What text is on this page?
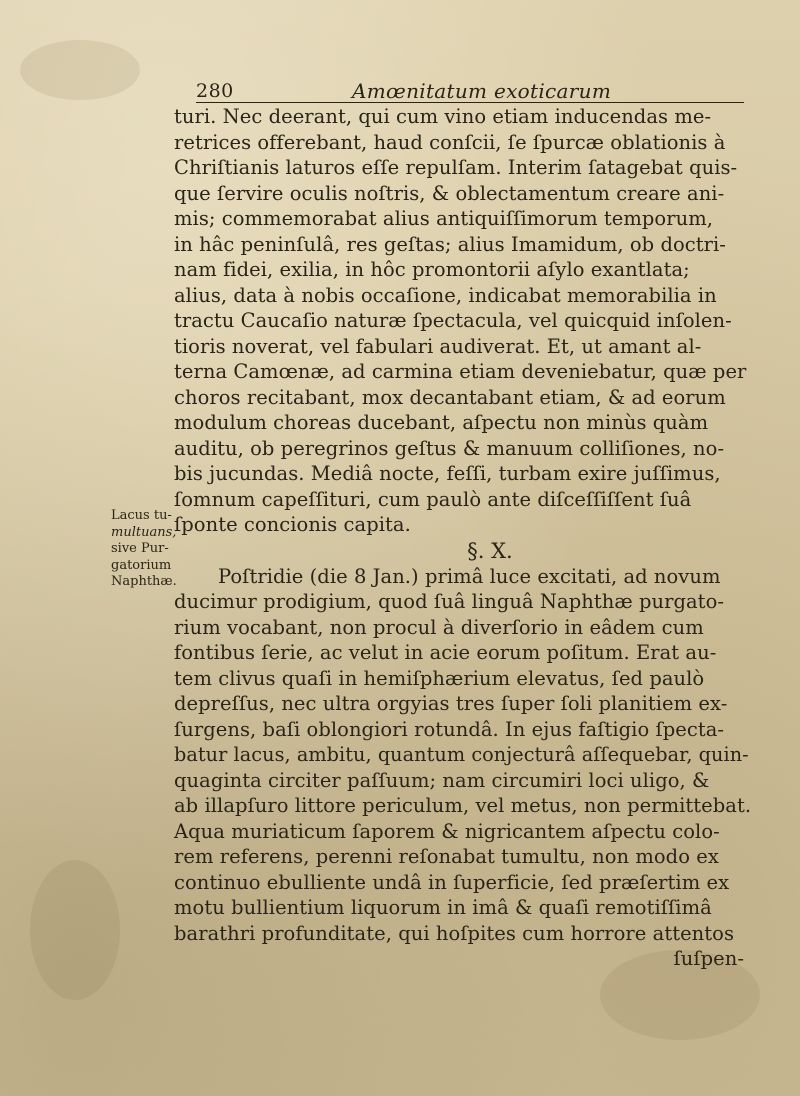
280	Amœnitatum exoticarum
Lacus tu-
multuans,
sive Pur-
gatorium
Naphthæ.
turi. Nec deerant, qui cum vino etiam inducendas me-
retrices offerebant, haud conſcii, ſe ſpurcæ oblationis à
Chriſtianis laturos eſſe repulſam. Interim ſatagebat quis-
que ſervire oculis noſtris, & oblectamentum creare ani-
mis; commemorabat alius antiquiſſimorum temporum,
in hâc peninſulâ, res geſtas; alius Imamidum, ob doctri-
nam fidei, exilia, in hôc promontorii aſylo exantlata;
alius, data à nobis occaſione, indicabat memorabilia in
tractu Caucaſio naturæ ſpectacula, vel quicquid inſolen-
tioris noverat, vel fabulari audiverat. Et, ut amant al-
terna Camœnæ, ad carmina etiam deveniebatur, quæ per
choros recitabant, mox decantabant etiam, & ad eorum
modulum choreas ducebant, aſpectu non minùs quàm
auditu, ob peregrinos geſtus & manuum colliſiones, no-
bis jucundas. Mediâ nocte, feſſi, turbam exire juſſimus,
ſomnum capeſſituri, cum paulò ante diſceſſiſſent ſuâ
ſponte concionis capita.
§. X.
Poſtridie (die 8 Jan.) primâ luce excitati, ad novum
ducimur prodigium, quod ſuâ linguâ Naphthæ purgato-
rium vocabant, non procul à diverſorio in eâdem cum
fontibus ſerie, ac velut in acie eorum poſitum. Erat au-
tem clivus quaſi in hemiſphærium elevatus, ſed paulò
depreſſus, nec ultra orgyias tres ſuper ſoli planitiem ex-
ſurgens, baſi oblongiori rotundâ. In ejus faſtigio ſpecta-
batur lacus, ambitu, quantum conjecturâ aſſequebar, quin-
quaginta circiter paſſuum; nam circumiri loci uligo, &
ab illapſuro littore periculum, vel metus, non permittebat.
Aqua muriaticum ſaporem & nigricantem aſpectu colo-
rem referens, perenni reſonabat tumultu, non modo ex
continuo ebulliente undâ in ſuperficie, ſed præſertim ex
motu bullientium liquorum in imâ & quaſi remotiſſimâ
barathri profunditate, qui hoſpites cum horrore attentos
ſuſpen-
